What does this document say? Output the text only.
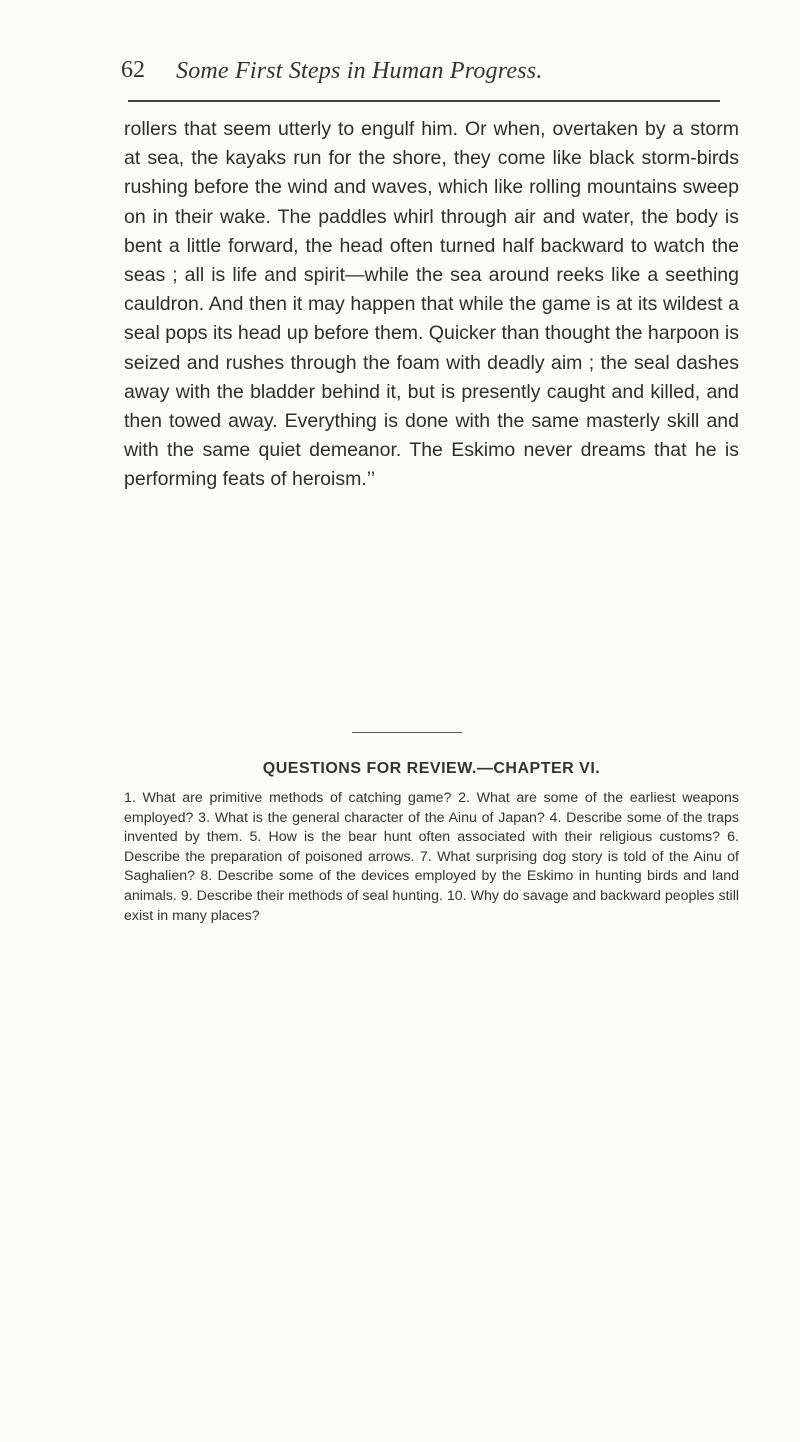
62 Some First Steps in Human Progress.

rollers that seem utterly to engulf him. Or when, overtaken by a storm at sea, the kayaks run for the shore, they come like black storm-birds rushing before the wind and waves, which like rolling mountains sweep on in their wake. The paddles whirl through air and water, the body is bent a little forward, the head often turned half backward to watch the seas ; all is life and spirit—while the sea around reeks like a seething cauldron. And then it may happen that while the game is at its wildest a seal pops its head up before them. Quicker than thought the harpoon is seized and rushes through the foam with deadly aim ; the seal dashes away with the bladder behind it, but is presently caught and killed, and then towed away. Everything is done with the same masterly skill and with the same quiet demeanor. The Eskimo never dreams that he is performing feats of heroism.’’

QUESTIONS FOR REVIEW.—CHAPTER VI.

1. What are primitive methods of catching game? 2. What are some of the earliest weapons employed? 3. What is the general character of the Ainu of Japan? 4. Describe some of the traps invented by them. 5. How is the bear hunt often associated with their religious customs? 6. Describe the preparation of poisoned arrows. 7. What surprising dog story is told of the Ainu of Saghalien? 8. Describe some of the devices employed by the Eskimo in hunting birds and land animals. 9. Describe their methods of seal hunting. 10. Why do savage and backward peoples still exist in many places?
